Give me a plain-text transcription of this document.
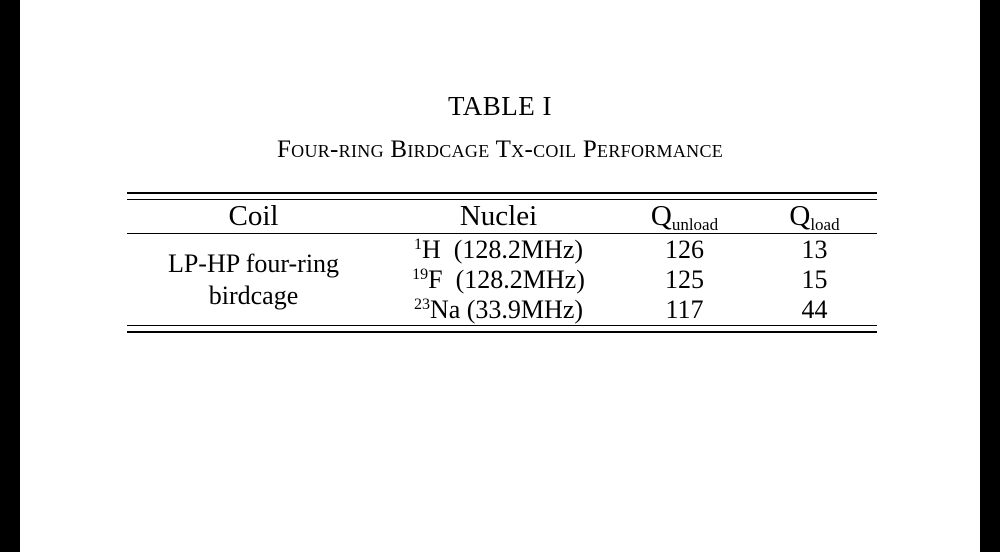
TABLE I
Four-ring Birdcage Tx-coil Performance

Coil	Nuclei	$Q_{unload}$	$Q_{load}$

LP-HP four-ring birdcage	$^1$H  (128.2MHz)	126	13
	$^{19}$F  (128.2MHz)	125	15
	$^{23}$Na (33.9MHz)	117	44
